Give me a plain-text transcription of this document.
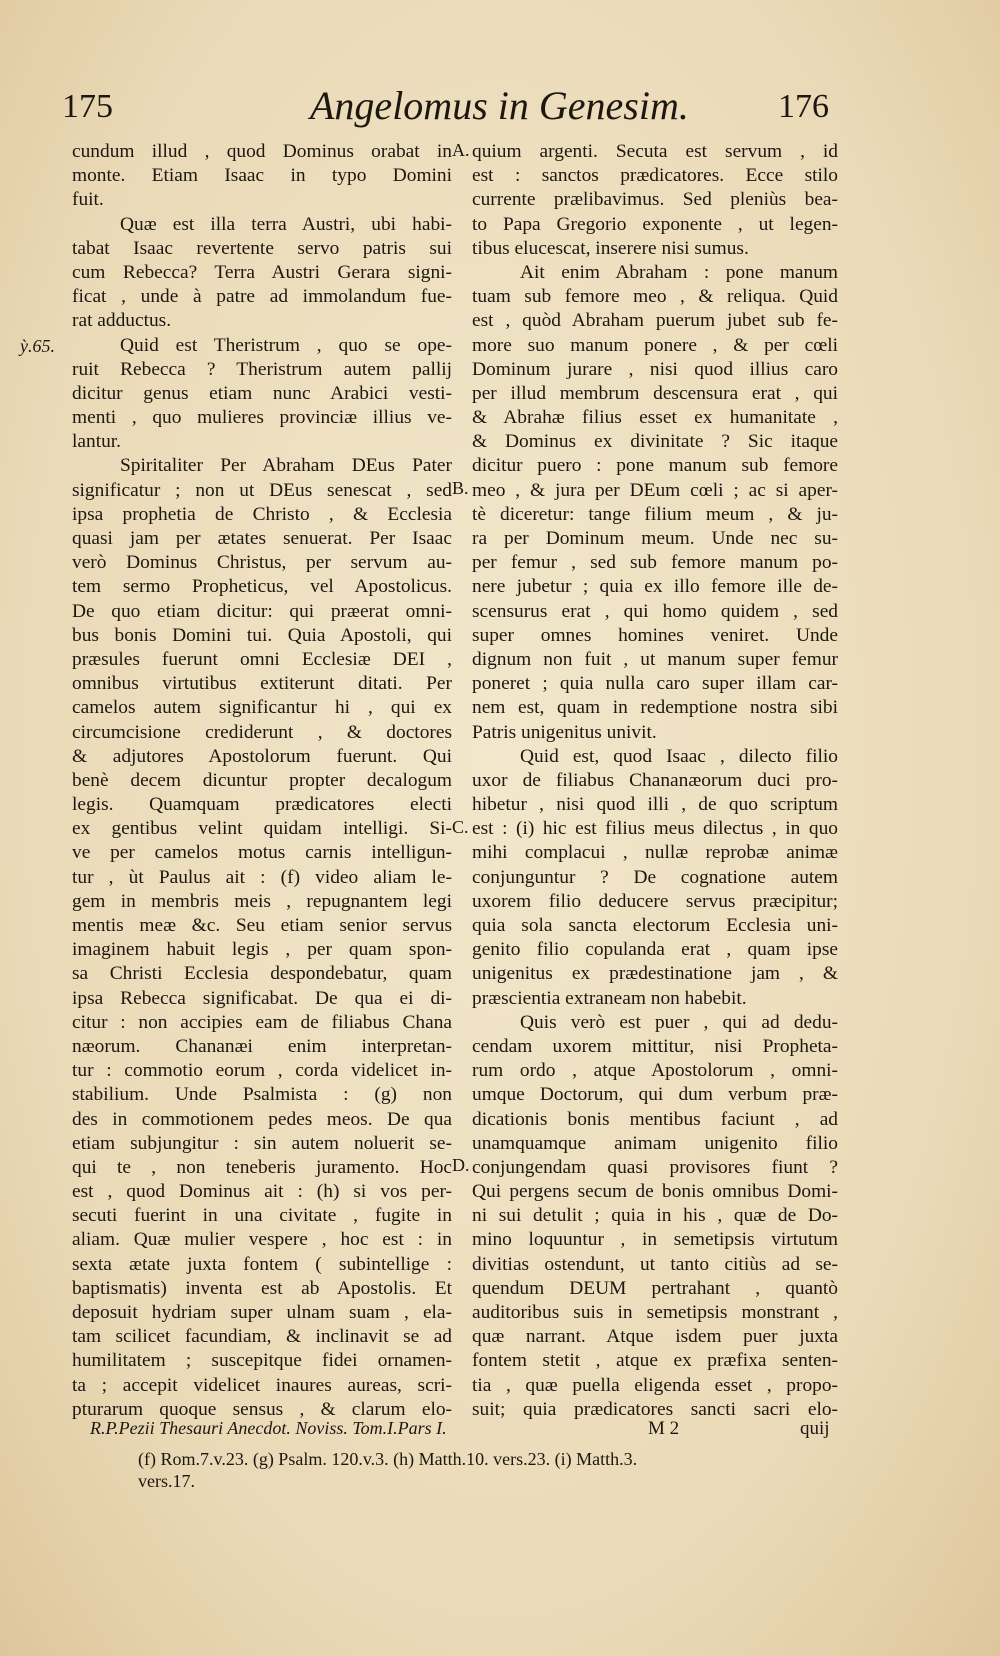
175	Angelomus in Genesim.	176
ỳ.65.
A.
B.
C.
D.
cundum illud , quod Dominus orabat in
monte. Etiam Isaac in typo Domini
fuit.
Quæ est illa terra Austri, ubi habi-
tabat Isaac revertente servo patris sui
cum Rebecca? Terra Austri Gerara signi-
ficat , unde à patre ad immolandum fue-
rat adductus.
Quid est Theristrum , quo se ope-
ruit Rebecca ? Theristrum autem pallij
dicitur genus etiam nunc Arabici vesti-
menti , quo mulieres provinciæ illius ve-
lantur.
Spiritaliter Per Abraham DEus Pater
significatur ; non ut DEus senescat , sed
ipsa prophetia de Christo , & Ecclesia
quasi jam per ætates senuerat. Per Isaac
verò Dominus Christus, per servum au-
tem sermo Propheticus, vel Apostolicus.
De quo etiam dicitur: qui præerat omni-
bus bonis Domini tui. Quia Apostoli, qui
præsules fuerunt omni Ecclesiæ DEI ,
omnibus virtutibus extiterunt ditati. Per
camelos autem significantur hi , qui ex
circumcisione crediderunt , & doctores
& adjutores Apostolorum fuerunt. Qui
benè decem dicuntur propter decalogum
legis. Quamquam prædicatores electi
ex gentibus velint quidam intelligi. Si-
ve per camelos motus carnis intelligun-
tur , ùt Paulus ait : (f) video aliam le-
gem in membris meis , repugnantem legi
mentis meæ &c. Seu etiam senior servus
imaginem habuit legis , per quam spon-
sa Christi Ecclesia despondebatur, quam
ipsa Rebecca significabat. De qua ei di-
citur : non accipies eam de filiabus Chana
næorum. Chananæi enim interpretan-
tur : commotio eorum , corda videlicet in-
stabilium. Unde Psalmista : (g) non
des in commotionem pedes meos. De qua
etiam subjungitur : sin autem noluerit se-
qui te , non teneberis juramento. Hoc
est , quod Dominus ait : (h) si vos per-
secuti fuerint in una civitate , fugite in
aliam. Quæ mulier vespere , hoc est : in
sexta ætate juxta fontem ( subintellige :
baptismatis) inventa est ab Apostolis. Et
deposuit hydriam super ulnam suam , ela-
tam scilicet facundiam, & inclinavit se ad
humilitatem ; suscepitque fidei ornamen-
ta ; accepit videlicet inaures aureas, scri-
pturarum quoque sensus , & clarum elo-
quium argenti. Secuta est servum , id
est : sanctos prædicatores. Ecce stilo
currente prælibavimus. Sed pleniùs bea-
to Papa Gregorio exponente , ut legen-
tibus elucescat, inserere nisi sumus.
Ait enim Abraham : pone manum
tuam sub femore meo , & reliqua. Quid
est , quòd Abraham puerum jubet sub fe-
more suo manum ponere , & per cœli
Dominum jurare , nisi quod illius caro
per illud membrum descensura erat , qui
& Abrahæ filius esset ex humanitate ,
& Dominus ex divinitate ? Sic itaque
dicitur puero : pone manum sub femore
meo , & jura per DEum cœli ; ac si aper-
tè diceretur: tange filium meum , & ju-
ra per Dominum meum. Unde nec su-
per femur , sed sub femore manum po-
nere jubetur ; quia ex illo femore ille de-
scensurus erat , qui homo quidem , sed
super omnes homines veniret. Unde
dignum non fuit , ut manum super femur
poneret ; quia nulla caro super illam car-
nem est, quam in redemptione nostra sibi
Patris unigenitus univit.
Quid est, quod Isaac , dilecto filio
uxor de filiabus Chananæorum duci pro-
hibetur , nisi quod illi , de quo scriptum
est : (i) hic est filius meus dilectus , in quo
mihi complacui , nullæ reprobæ animæ
conjunguntur ? De cognatione autem
uxorem filio deducere servus præcipitur;
quia sola sancta electorum Ecclesia uni-
genito filio copulanda erat , quam ipse
unigenitus ex prædestinatione jam , &
præscientia extraneam non habebit.
Quis verò est puer , qui ad dedu-
cendam uxorem mittitur, nisi Propheta-
rum ordo , atque Apostolorum , omni-
umque Doctorum, qui dum verbum præ-
dicationis bonis mentibus faciunt , ad
unamquamque animam unigenito filio
conjungendam quasi provisores fiunt ?
Qui pergens secum de bonis omnibus Domi-
ni sui detulit ; quia in his , quæ de Do-
mino loquuntur , in semetipsis virtutum
divitias ostendunt, ut tanto citiùs ad se-
quendum DEUM pertrahant , quantò
auditoribus suis in semetipsis monstrant ,
quæ narrant. Atque isdem puer juxta
fontem stetit , atque ex præfixa senten-
tia , quæ puella eligenda esset , propo-
suit; quia prædicatores sancti sacri elo-
R.P.Pezii Thesauri Anecdot. Noviss. Tom.I.Pars I.	M 2	quij
(f) Rom.7.v.23. (g) Psalm. 120.v.3. (h) Matth.10. vers.23. (i) Matth.3.
vers.17.
